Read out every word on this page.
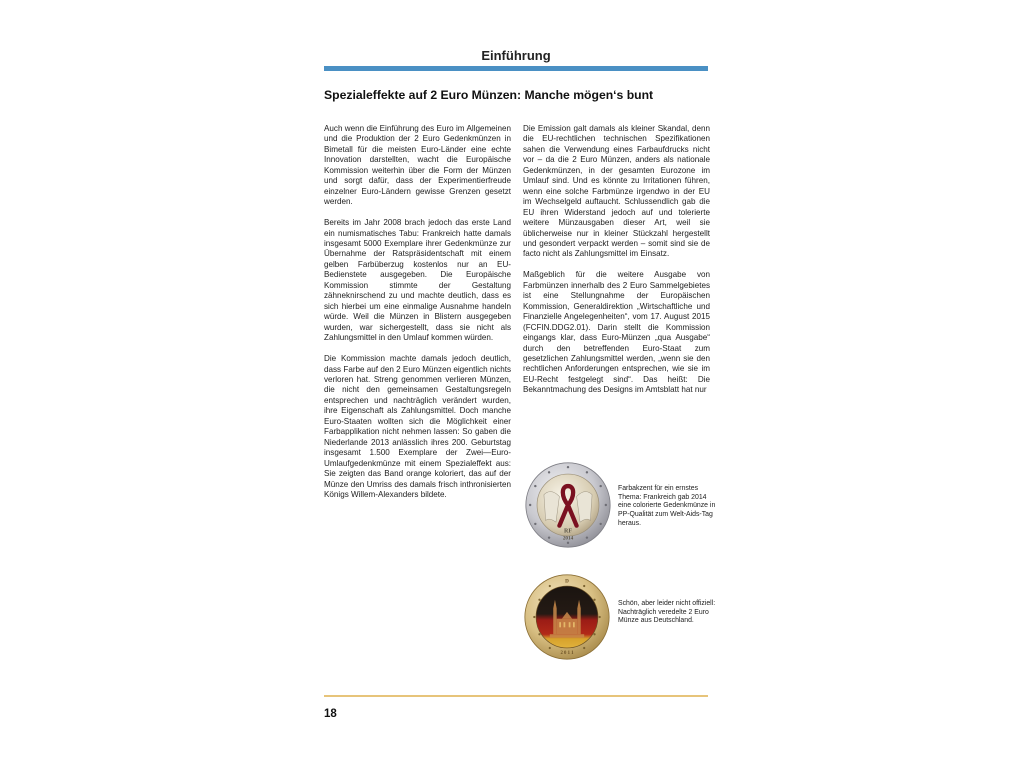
Einführung
Spezialeffekte auf 2 Euro Münzen: Manche mögen‘s bunt

Auch wenn die Einführung des Euro im Allgemeinen und die Produktion der 2 Euro Gedenkmünzen in Bimetall für die meisten Euro-Länder eine echte Innovation darstellten, wacht die Europäische Kommission weiterhin über die Form der Münzen und sorgt dafür, dass der Experimentierfreude einzelner Euro-Ländern gewisse Grenzen gesetzt werden.

Bereits im Jahr 2008 brach jedoch das erste Land ein numismatisches Tabu: Frankreich hatte damals insgesamt 5000 Exemplare ihrer Gedenkmünze zur Übernahme der Ratspräsidentschaft mit einem gelben Farbüberzug kostenlos nur an EU-Bedienstete ausgegeben. Die Europäische Kommission stimmte der Gestaltung zähneknirschend zu und machte deutlich, dass es sich hierbei um eine einmalige Ausnahme handeln würde. Weil die Münzen in Blistern ausgegeben wurden, war sichergestellt, dass sie nicht als Zahlungsmittel in den Umlauf kommen würden.

Die Kommission machte damals jedoch deutlich, dass Farbe auf den 2 Euro Münzen eigentlich nichts verloren hat. Streng genommen verlieren Münzen, die nicht den gemeinsamen Gestaltungsregeln entsprechen und nachträglich verändert wurden, ihre Eigenschaft als Zahlungsmittel. Doch manche Euro-Staaten wollten sich die Möglichkeit einer Farbapplikation nicht nehmen lassen: So gaben die Niederlande 2013 anlässlich ihres 200. Geburtstag insgesamt 1.500 Exemplare der Zwei—Euro-Umlaufgedenkmünze mit einem Spezialeffekt aus: Sie zeigten das Band orange koloriert, das auf der Münze den Umriss des damals frisch inthronisierten Königs Willem-Alexanders bildete.

Die Emission galt damals als kleiner Skandal, denn die EU-rechtlichen technischen Spezifikationen sahen die Verwendung eines Farbaufdrucks nicht vor – da die 2 Euro Münzen, anders als nationale Gedenkmünzen, in der gesamten Eurozone im Umlauf sind. Und es könnte zu Irritationen führen, wenn eine solche Farbmünze irgendwo in der EU im Wechselgeld auftaucht. Schlussendlich gab die EU ihren Widerstand jedoch auf und tolerierte weitere Münzausgaben dieser Art, weil sie üblicherweise nur in kleiner Stückzahl hergestellt und gesondert verpackt werden – somit sind sie de facto nicht als Zahlungsmittel im Einsatz.

Maßgeblich für die weitere Ausgabe von Farbmünzen innerhalb des 2 Euro Sammelgebietes ist eine Stellungnahme der Europäischen Kommission, Generaldirektion „Wirtschaftliche und Finanzielle Angelegenheiten“, vom 17. August 2015 (FCFIN.DDG2.01). Darin stellt die Kommission eingangs klar, dass Euro-Münzen „qua Ausgabe“ durch den betreffenden Euro-Staat zum gesetzlichen Zahlungsmittel werden, „wenn sie den rechtlichen Anforderungen entsprechen, wie sie im EU-Recht festgelegt sind“. Das heißt: Die Bekanntmachung des Designs im Amtsblatt hat nur

RF
2014
Farbakzent für ein ernstes Thema: Frankreich gab 2014 eine colorierte Gedenkmünze in PP-Qualität zum Welt-Aids-Tag heraus.
D
2 0 1 1
Schön, aber leider nicht offiziell: Nachträglich veredelte 2 Euro Münze aus Deutschland.
18
